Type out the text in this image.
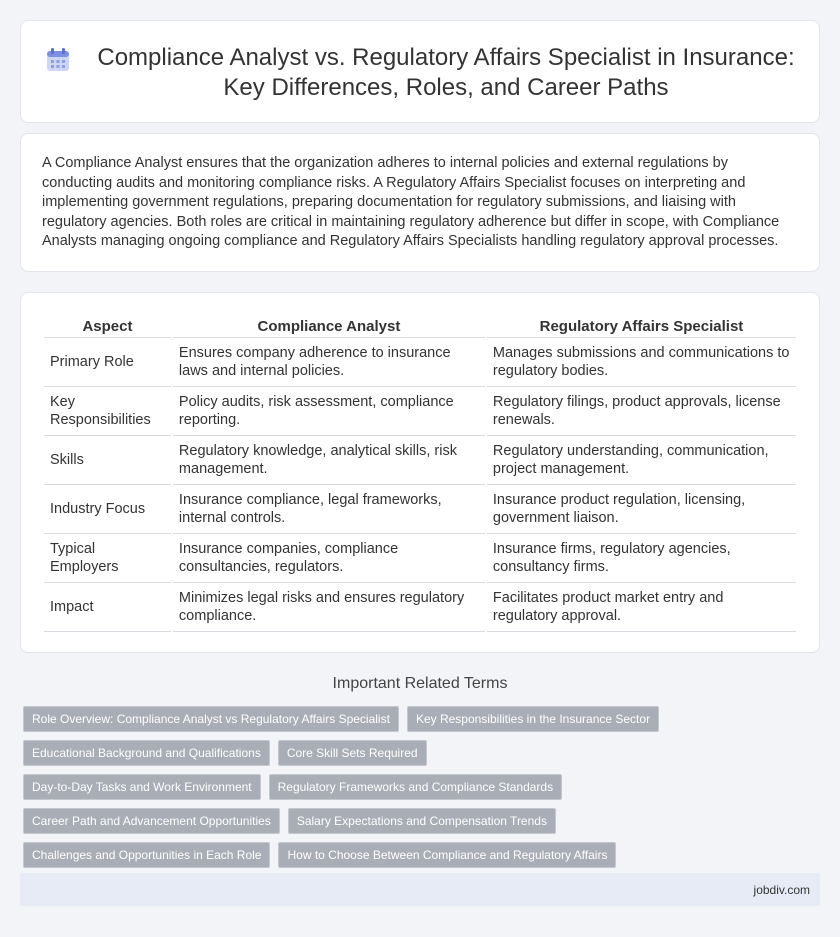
Compliance Analyst vs. Regulatory Affairs Specialist in Insurance:
Key Differences, Roles, and Career Paths

A Compliance Analyst ensures that the organization adheres to internal policies and external regulations by conducting audits and monitoring compliance risks. A Regulatory Affairs Specialist focuses on interpreting and implementing government regulations, preparing documentation for regulatory submissions, and liaising with regulatory agencies. Both roles are critical in maintaining regulatory adherence but differ in scope, with Compliance Analysts managing ongoing compliance and Regulatory Affairs Specialists handling regulatory approval processes.

Aspect	Compliance Analyst	Regulatory Affairs Specialist
Primary Role	Ensures company adherence to insurance laws and internal policies.	Manages submissions and communications to regulatory bodies.
Key Responsibilities	Policy audits, risk assessment, compliance reporting.	Regulatory filings, product approvals, license renewals.
Skills	Regulatory knowledge, analytical skills, risk management.	Regulatory understanding, communication, project management.
Industry Focus	Insurance compliance, legal frameworks, internal controls.	Insurance product regulation, licensing, government liaison.
Typical Employers	Insurance companies, compliance consultancies, regulators.	Insurance firms, regulatory agencies, consultancy firms.
Impact	Minimizes legal risks and ensures regulatory compliance.	Facilitates product market entry and regulatory approval.
Important Related Terms
Role Overview: Compliance Analyst vs Regulatory Affairs Specialist	Key Responsibilities in the Insurance Sector
Educational Background and Qualifications	Core Skill Sets Required
Day-to-Day Tasks and Work Environment	Regulatory Frameworks and Compliance Standards
Career Path and Advancement Opportunities	Salary Expectations and Compensation Trends
Challenges and Opportunities in Each Role	How to Choose Between Compliance and Regulatory Affairs
jobdiv.com
